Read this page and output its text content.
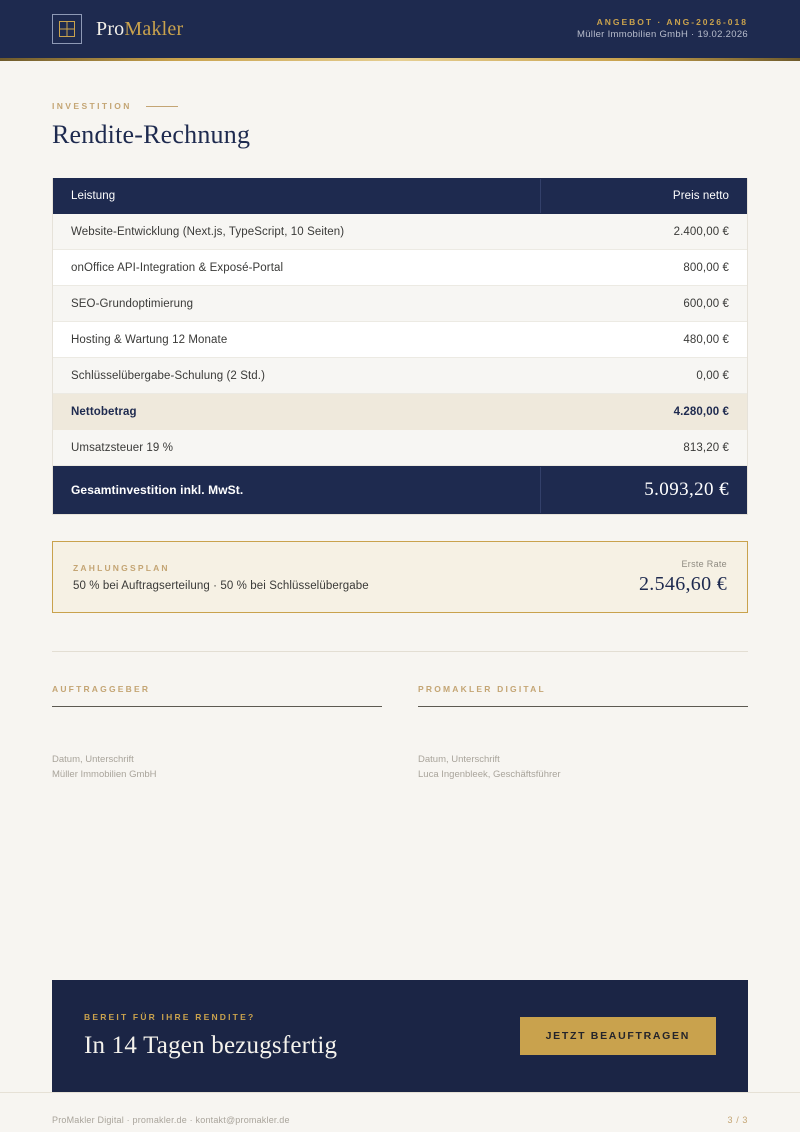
ProMakler	ANGEBOT · ANG-2026-018
Müller Immobilien GmbH · 19.02.2026
INVESTITION
Rendite-Rechnung
Leistung	Preis netto
Website-Entwicklung (Next.js, TypeScript, 10 Seiten)	2.400,00 €
onOffice API-Integration & Exposé-Portal	800,00 €
SEO-Grundoptimierung	600,00 €
Hosting & Wartung 12 Monate	480,00 €
Schlüsselübergabe-Schulung (2 Std.)	0,00 €
Nettobetrag	4.280,00 €
Umsatzsteuer 19 %	813,20 €
Gesamtinvestition inkl. MwSt.	5.093,20 €
ZAHLUNGSPLAN
50 % bei Auftragserteilung · 50 % bei Schlüsselübergabe
Erste Rate
2.546,60 €
AUFTRAGGEBER
Datum, Unterschrift
Müller Immobilien GmbH
PROMAKLER DIGITAL
Datum, Unterschrift
Luca Ingenbleek, Geschäftsführer
BEREIT FÜR IHRE RENDITE?
In 14 Tagen bezugsfertig	JETZT BEAUFTRAGEN
ProMakler Digital · promakler.de · kontakt@promakler.de	3 / 3
